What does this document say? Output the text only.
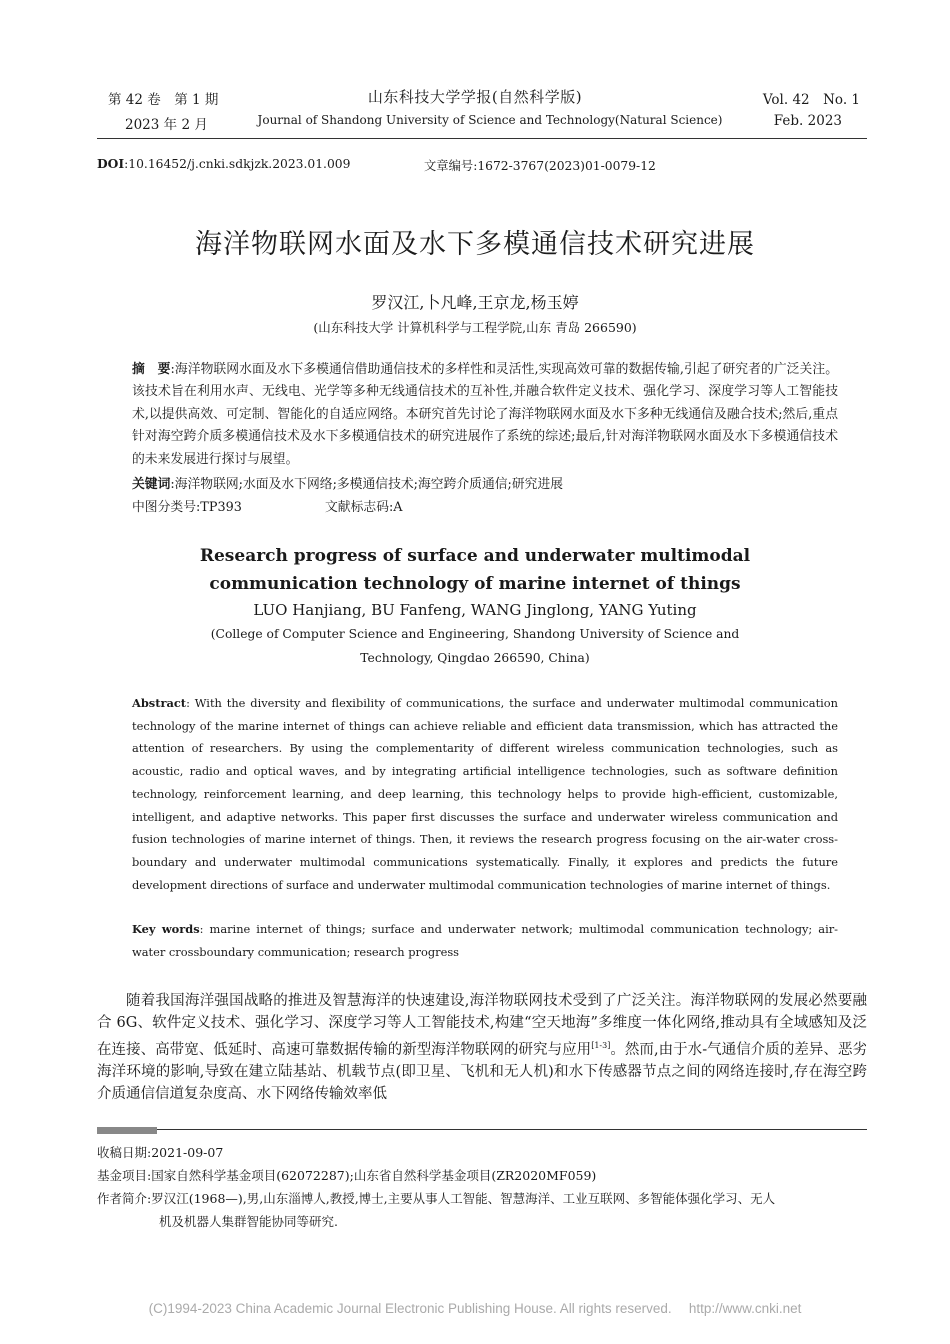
第 42 卷　第 1 期
2023 年 2 月
山东科技大学学报(自然科学版)
Journal of Shandong University of Science and Technology(Natural Science)
Vol. 42　No. 1
Feb. 2023
DOI:10.16452/j.cnki.sdkjzk.2023.01.009	文章编号:1672-3767(2023)01-0079-12
海洋物联网水面及水下多模通信技术研究进展
罗汉江,卜凡峰,王京龙,杨玉婷
(山东科技大学 计算机科学与工程学院,山东 青岛 266590)
摘　要:海洋物联网水面及水下多模通信借助通信技术的多样性和灵活性,实现高效可靠的数据传输,引起了研究者的广泛关注。该技术旨在利用水声、无线电、光学等多种无线通信技术的互补性,并融合软件定义技术、强化学习、深度学习等人工智能技术,以提供高效、可定制、智能化的自适应网络。本研究首先讨论了海洋物联网水面及水下多种无线通信及融合技术;然后,重点针对海空跨介质多模通信技术及水下多模通信技术的研究进展作了系统的综述;最后,针对海洋物联网水面及水下多模通信技术的未来发展进行探讨与展望。
关键词:海洋物联网;水面及水下网络;多模通信技术;海空跨介质通信;研究进展
中图分类号:TP393	文献标志码:A
Research progress of surface and underwater multimodal
communication technology of marine internet of things
LUO Hanjiang, BU Fanfeng, WANG Jinglong, YANG Yuting
(College of Computer Science and Engineering, Shandong University of Science and
Technology, Qingdao 266590, China)
Abstract: With the diversity and flexibility of communications, the surface and underwater multimodal communication technology of the marine internet of things can achieve reliable and efficient data transmission, which has attracted the attention of researchers. By using the complementarity of different wireless communication technologies, such as acoustic, radio and optical waves, and by integrating artificial intelligence technologies, such as software definition technology, reinforcement learning, and deep learning, this technology helps to provide high-efficient, customizable, intelligent, and adaptive networks. This paper first discusses the surface and underwater wireless communication and fusion technologies of marine internet of things. Then, it reviews the research progress focusing on the air-water cross-boundary and underwater multimodal communications systematically. Finally, it explores and predicts the future development directions of surface and underwater multimodal communication technologies of marine internet of things.
Key words: marine internet of things; surface and underwater network; multimodal communication technology; air-water crossboundary communication; research progress
随着我国海洋强国战略的推进及智慧海洋的快速建设,海洋物联网技术受到了广泛关注。海洋物联网的发展必然要融合 6G、软件定义技术、强化学习、深度学习等人工智能技术,构建“空天地海”多维度一体化网络,推动具有全域感知及泛在连接、高带宽、低延时、高速可靠数据传输的新型海洋物联网的研究与应用[1-3]。然而,由于水-气通信介质的差异、恶劣海洋环境的影响,导致在建立陆基站、机载节点(即卫星、飞机和无人机)和水下传感器节点之间的网络连接时,存在海空跨介质通信信道复杂度高、水下网络传输效率低
收稿日期:2021-09-07
基金项目:国家自然科学基金项目(62072287);山东省自然科学基金项目(ZR2020MF059)
作者简介:罗汉江(1968—),男,山东淄博人,教授,博士,主要从事人工智能、智慧海洋、工业互联网、多智能体强化学习、无人
机及机器人集群智能协同等研究.
(C)1994-2023 China Academic Journal Electronic Publishing House. All rights reserved.　 http://www.cnki.net
